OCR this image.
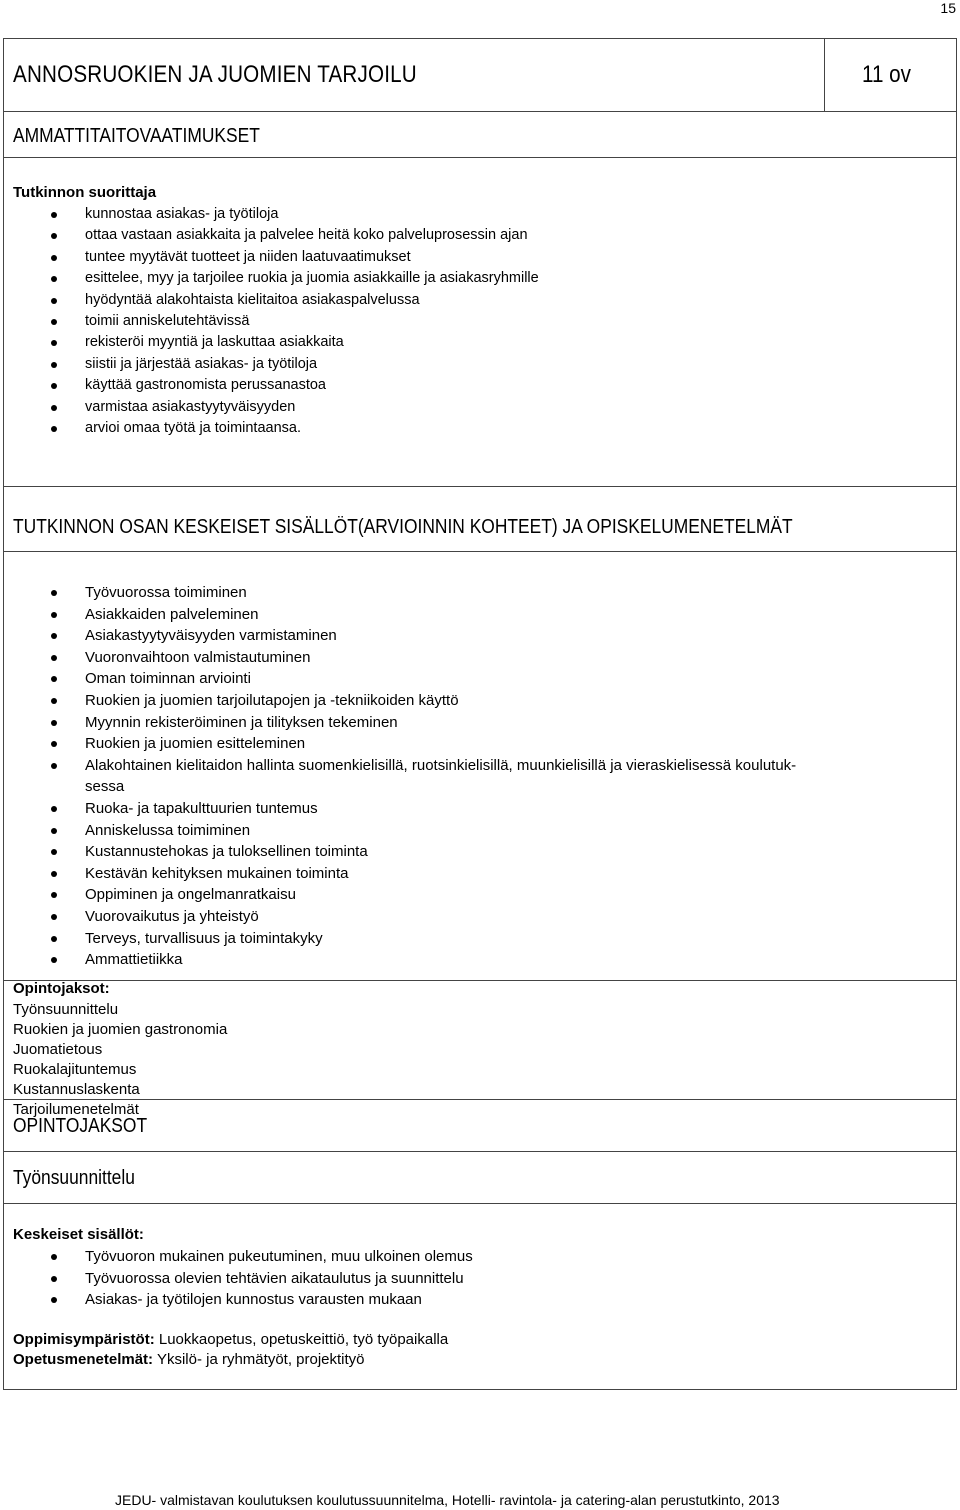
15
ANNOSRUOKIEN JA JUOMIEN TARJOILU	11 ov
AMMATTITAITOVAATIMUKSET
Tutkinnon suorittaja
kunnostaa asiakas- ja työtiloja
ottaa vastaan asiakkaita ja palvelee heitä koko palveluprosessin ajan
tuntee myytävät tuotteet ja niiden laatuvaatimukset
esittelee, myy ja tarjoilee ruokia ja juomia asiakkaille ja asiakasryhmille
hyödyntää alakohtaista kielitaitoa asiakaspalvelussa
toimii anniskelutehtävissä
rekisteröi myyntiä ja laskuttaa asiakkaita
siistii ja järjestää asiakas- ja työtiloja
käyttää gastronomista perussanastoa
varmistaa asiakastyytyväisyyden
arvioi omaa työtä ja toimintaansa.
TUTKINNON OSAN KESKEISET SISÄLLÖT(ARVIOINNIN KOHTEET) JA OPISKELUMENETELMÄT
Työvuorossa toimiminen
Asiakkaiden palveleminen
Asiakastyytyväisyyden varmistaminen
Vuoronvaihtoon valmistautuminen
Oman toiminnan arviointi
Ruokien ja juomien tarjoilutapojen ja -tekniikoiden käyttö
Myynnin rekisteröiminen ja tilityksen tekeminen
Ruokien ja juomien esitteleminen
Alakohtainen kielitaidon hallinta suomenkielisillä, ruotsinkielisillä, muunkielisillä ja vieraskielisessä koulutuk-
sessa
Ruoka- ja tapakulttuurien tuntemus
Anniskelussa toimiminen
Kustannustehokas ja tuloksellinen toiminta
Kestävän kehityksen mukainen toiminta
Oppiminen ja ongelmanratkaisu
Vuorovaikutus ja yhteistyö
Terveys, turvallisuus ja toimintakyky
Ammattietiikka
Opintojaksot:
Työnsuunnittelu
Ruokien ja juomien gastronomia
Juomatietous
Ruokalajituntemus
Kustannuslaskenta
Tarjoilumenetelmät
OPINTOJAKSOT
Työnsuunnittelu
Keskeiset sisällöt:
Työvuoron mukainen pukeutuminen, muu ulkoinen olemus
Työvuorossa olevien tehtävien aikataulutus ja suunnittelu
Asiakas- ja työtilojen kunnostus varausten mukaan
Oppimisympäristöt: Luokkaopetus, opetuskeittiö, työ työpaikalla
Opetusmenetelmät: Yksilö- ja ryhmätyöt, projektityö
JEDU- valmistavan koulutuksen koulutussuunnitelma, Hotelli- ravintola- ja catering-alan perustutkinto, 2013
